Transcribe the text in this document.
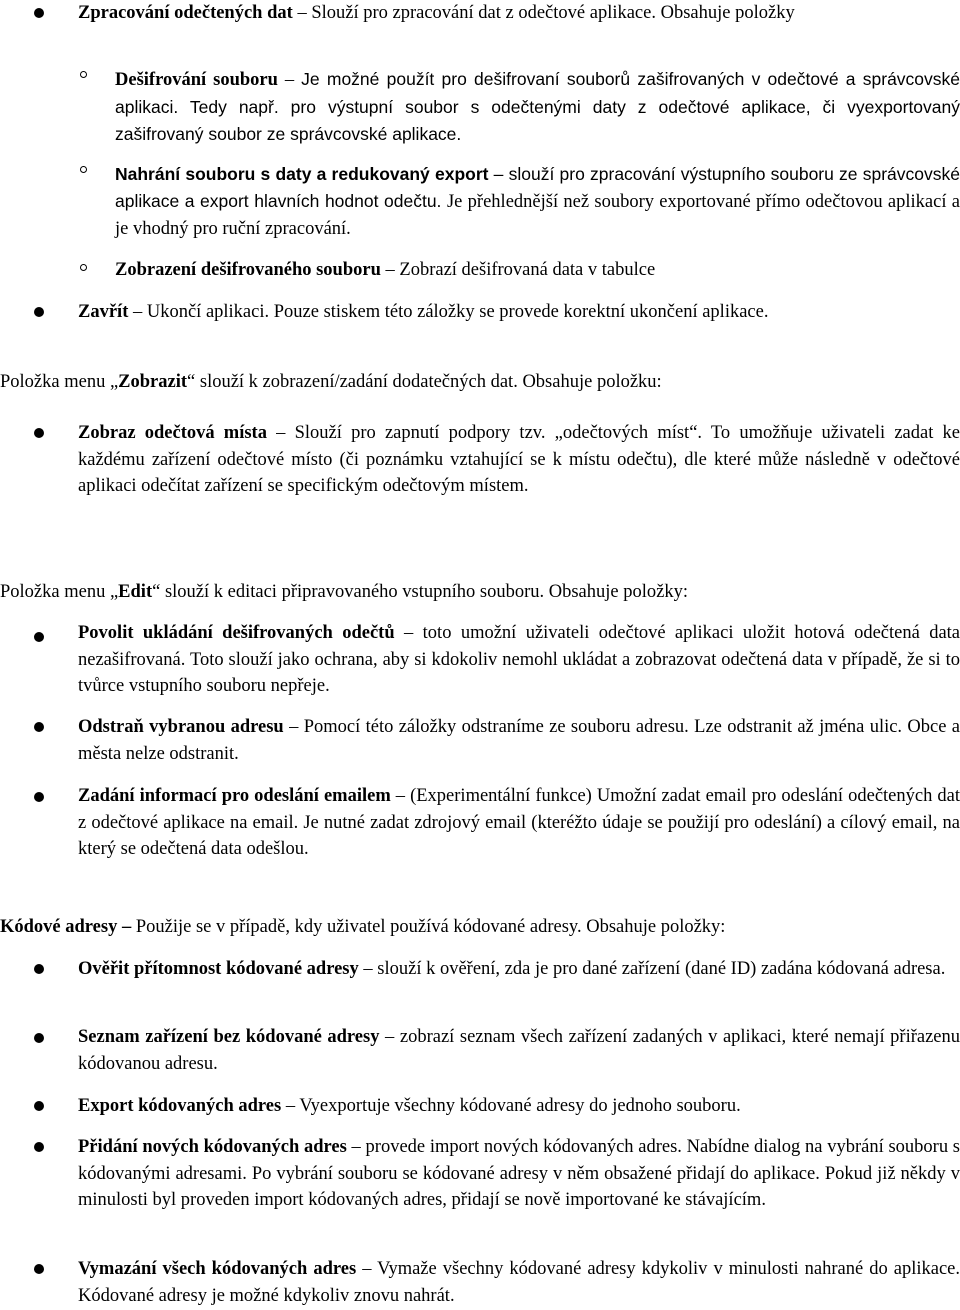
Zpracování odečtených dat – Slouží pro zpracování dat z odečtové aplikace. Obsahuje položky
Dešifrování souboru – Je možné použít pro dešifrovaní souborů zašifrovaných v odečtové a správcovské aplikaci. Tedy např. pro výstupní soubor s odečtenými daty z odečtové aplikace, či vyexportovaný zašifrovaný soubor ze správcovské aplikace.
Nahrání souboru s daty a redukovaný export – slouží pro zpracování výstupního souboru ze správcovské aplikace a export hlavních hodnot odečtu. Je přehlednější než soubory exportované přímo odečtovou aplikací a je vhodný pro ruční zpracování.
Zobrazení dešifrovaného souboru – Zobrazí dešifrovaná data v tabulce
Zavřít – Ukončí aplikaci. Pouze stiskem této záložky se provede korektní ukončení aplikace.
Položka menu „Zobrazit“ slouží k zobrazení/zadání dodatečných dat. Obsahuje položku:
Zobraz odečtová místa – Slouží pro zapnutí podpory tzv. „odečtových míst“. To umožňuje uživateli zadat ke každému zařízení odečtové místo (či poznámku vztahující se k místu odečtu), dle které může následně v odečtové aplikaci odečítat zařízení se specifickým odečtovým místem.
Položka menu „Edit“ slouží k editaci připravovaného vstupního souboru. Obsahuje položky:
Povolit ukládání dešifrovaných odečtů – toto umožní uživateli odečtové aplikaci uložit hotová odečtená data nezašifrovaná. Toto slouží jako ochrana, aby si kdokoliv nemohl ukládat a zobrazovat odečtená data v případě, že si to tvůrce vstupního souboru nepřeje.
Odstraň vybranou adresu – Pomocí této záložky odstraníme ze souboru adresu. Lze odstranit až jména ulic. Obce a města nelze odstranit.
Zadání informací pro odeslání emailem – (Experimentální funkce) Umožní zadat email pro odeslání odečtených dat z odečtové aplikace na email. Je nutné zadat zdrojový email (kteréžto údaje se použijí pro odeslání) a cílový email, na který se odečtená data odešlou.
Kódové adresy – Použije se v případě, kdy uživatel používá kódované adresy. Obsahuje položky:
Ověřit přítomnost kódované adresy – slouží k ověření, zda je pro dané zařízení (dané ID) zadána kódovaná adresa.
Seznam zařízení bez kódované adresy – zobrazí seznam všech zařízení zadaných v aplikaci, které nemají přiřazenu kódovanou adresu.
Export kódovaných adres – Vyexportuje všechny kódované adresy do jednoho souboru.
Přidání nových kódovaných adres – provede import nových kódovaných adres. Nabídne dialog na vybrání souboru s kódovanými adresami. Po vybrání souboru se kódované adresy v něm obsažené přidají do aplikace. Pokud již někdy v minulosti byl proveden import kódovaných adres, přidají se nově importované ke stávajícím.
Vymazání všech kódovaných adres – Vymaže všechny kódované adresy kdykoliv v minulosti nahrané do aplikace. Kódované adresy je možné kdykoliv znovu nahrát.
